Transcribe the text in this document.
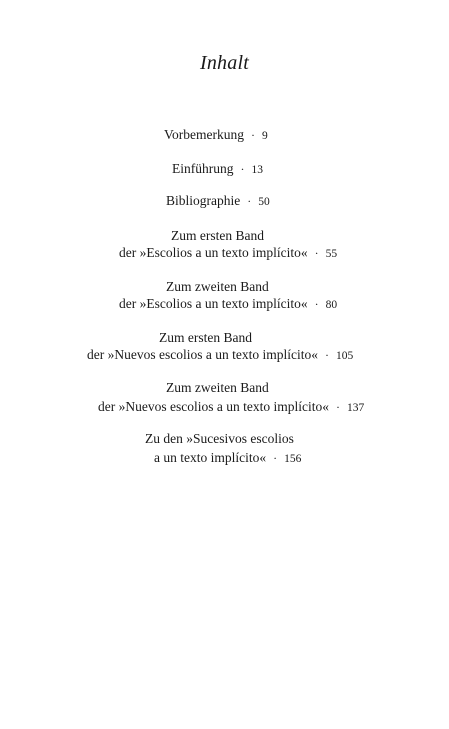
Inhalt
Vorbemerkung · 9
Einführung · 13
Bibliographie · 50
Zum ersten Band
der »Escolios a un texto implícito« · 55
Zum zweiten Band
der »Escolios a un texto implícito« · 80
Zum ersten Band
der »Nuevos escolios a un texto implícito« · 105
Zum zweiten Band
der »Nuevos escolios a un texto implícito« · 137
Zu den »Sucesivos escolios
a un texto implícito« · 156
